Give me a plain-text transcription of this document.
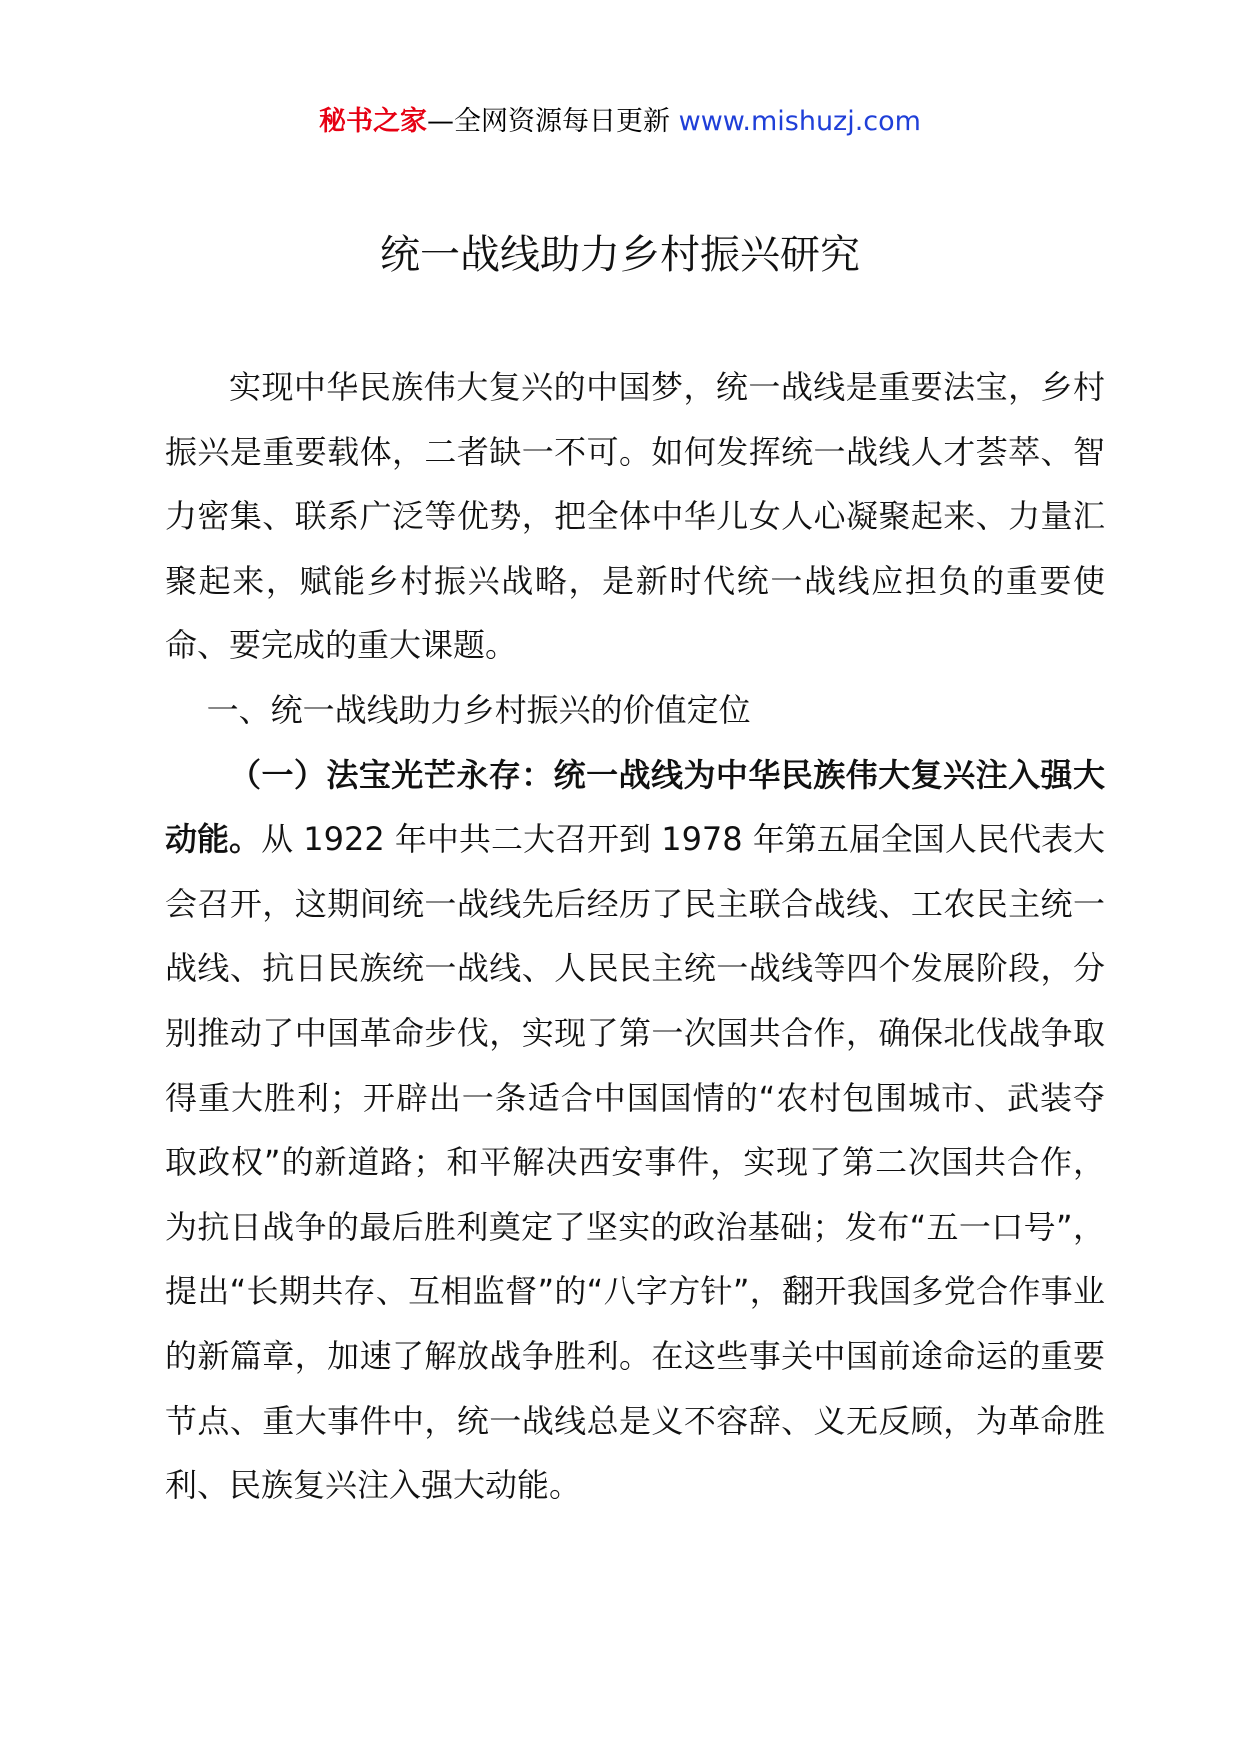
秘书之家—全网资源每日更新 www.mishuzj.com
统一战线助力乡村振兴研究

实现中华民族伟大复兴的中国梦，统一战线是重要法宝，乡村振兴是重要载体，二者缺一不可。如何发挥统一战线人才荟萃、智力密集、联系广泛等优势，把全体中华儿女人心凝聚起来、力量汇聚起来，赋能乡村振兴战略，是新时代统一战线应担负的重要使命、要完成的重大课题。

一、统一战线助力乡村振兴的价值定位

（一）法宝光芒永存：统一战线为中华民族伟大复兴注入强大动能。从 1922 年中共二大召开到 1978 年第五届全国人民代表大会召开，这期间统一战线先后经历了民主联合战线、工农民主统一战线、抗日民族统一战线、人民民主统一战线等四个发展阶段，分别推动了中国革命步伐，实现了第一次国共合作，确保北伐战争取得重大胜利；开辟出一条适合中国国情的“农村包围城市、武装夺取政权”的新道路；和平解决西安事件，实现了第二次国共合作，为抗日战争的最后胜利奠定了坚实的政治基础；发布“五一口号”，提出“长期共存、互相监督”的“八字方针”，翻开我国多党合作事业的新篇章，加速了解放战争胜利。在这些事关中国前途命运的重要节点、重大事件中，统一战线总是义不容辞、义无反顾，为革命胜利、民族复兴注入强大动能。
